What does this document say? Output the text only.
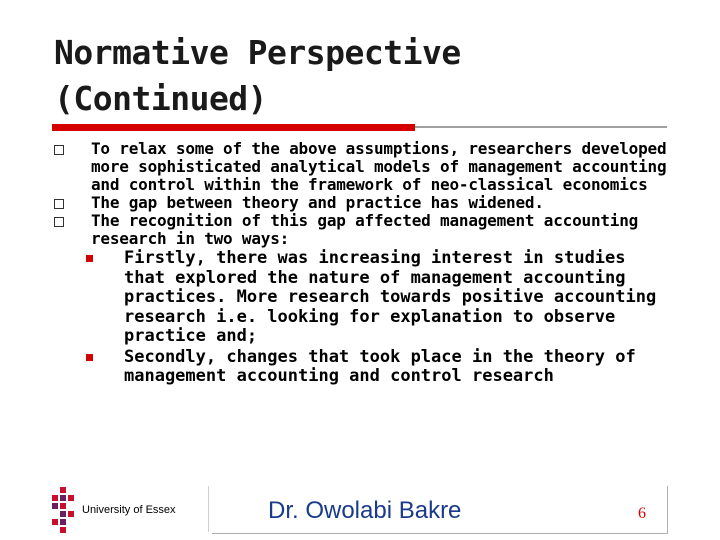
Normative Perspective
(Continued)
To relax some of the above assumptions, researchers developed more sophisticated analytical models of management accounting and control within the framework of neo-classical economics
The gap between theory and practice has widened.
The recognition of this gap affected management accounting research in two ways:
Firstly, there was increasing interest in studies that explored the nature of management accounting practices. More research towards positive accounting research i.e. looking for explanation to observe practice and;
Secondly, changes that took place in the theory of management accounting and control research
University of Essex	Dr. Owolabi Bakre	6
